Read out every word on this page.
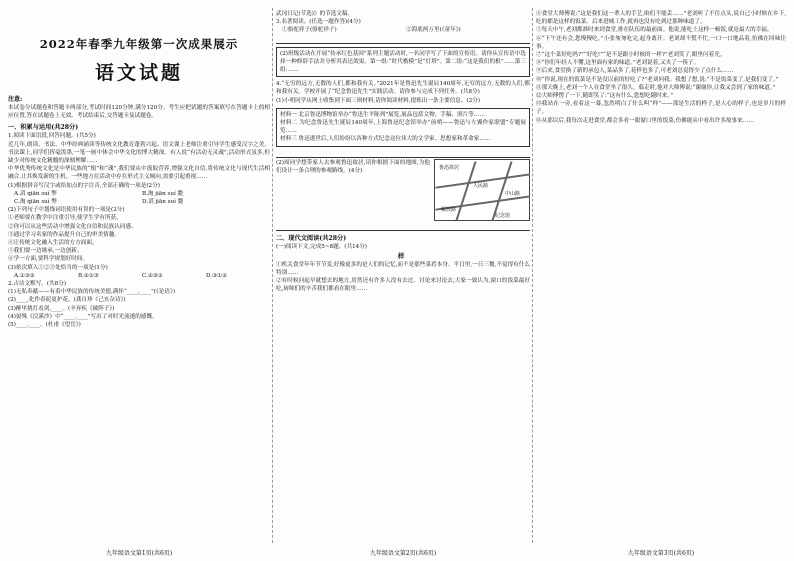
2022年春季九年级第一次成果展示
语文试题
注意:
本试卷分试题卷和答题卡两部分,考试时间120分钟,满分120分。考生应把试题的答案填写在答题卡上的相应位置,答在试题卷上无效。考试结束后,交答题卡及试题卷。
一、积累与运用(共28分)
1.阅读下面语段,回答问题。(共5分)
近几年,朗读、书法、中华经典诵读等传统文化教育蓬勃兴起。语文课上老师注重引导学生感受汉字之美。书法课上,同学们挥毫泼墨,一笔一画中体会中华文化的博大精深。有人说“有活动无灵魂”,活动形式虽多,但缺少对传统文化精髓的深刻理解……
中华优秀传统文化是中华民族的“根”和“魂”,我们要从中汲取营养,增强文化自信,将传统文化与现代生活相融合,让其焕发新的生机。一些地方在活动中存在形式主义倾向,需要引起重视……
(1)根据拼音写汉字或给加点的字注音,全部正确的一项是(2分)
A.滔 qiān suí 弊	B.淘 jiān suí 斃
C.淘 qiān suì 弊	D.滔 jiān suì 斃
(2)下列句子中划线词语使用有误的一项是(2分)
①老师要在教学中注重引导,使学生学有所获。
②你可以从这些活动中增强文化自信和民族认同感。
③通过学习名家的作品提升自己的审美情趣。
④让传统文化融入生活的方方面面。
⑤我们要一边继承,一边创新。
⑥学一方面,要科学规划好时间。
(3)依次填入①②③处恰当的一项是(1分)
A.①③②	B.②①③	C.②③①	D.③①②
2.古诗文默写。(共8分)
(1)无私奉献——有着中华民族的传统美德,满怀“____,____”(《论语》)
(2)____,化作春泥更护花。(龚自珍《己亥杂诗》)
(3)醉里挑灯看剑,____。(辛弃疾《破阵子》)
(4)晏殊《浣溪沙》中“____,____”写出了对时光流逝的感慨。
(5)____,____。(杜甫《望岳》)
武冈日记(节选)》的节选文稿。
3.名著阅读。(任选一题作答)(4分)
①骆驼祥子(骆驼祥子)	②海底两万里(《童年》)
(2)班级活动在开展“传承红色基因”系列主题活动时,一名同学写了下面的宣传语。请你从宣传语中选择一种修辞手法并分析其表达效果。第一组:“时代楷模”是“灯塔”。第二组:“这是我们的根”……第三组:……
4.“无穷的远方,无数的人们,都和我有关。”2021年是鲁迅先生诞辰140周年,无穷的远方,无数的人们,都和我有关。学校开展了“纪念鲁迅先生”实践活动。请你参与完成下列任务。(共8分)
(1)小明同学从网上收集到下面三则材料,请你阅读材料,提炼出一条主要信息。(2分)
材料一 北京鲁迅博物馆举办“鲁迅生平陈列”展览,展品包括文物、手稿、照片等……
材料二 为纪念鲁迅先生诞辰140周年,上海鲁迅纪念馆举办“前哨——鲁迅与左翼作家联盟”专题展览……
材料三 鲁迅逝世后,人们纷纷以各种方式纪念这位伟大的文学家、思想家和革命家……
鲁迅故居
人民路
解放路
中山路
纪念馆
(2)周同学想带家人去参观鲁迅故居,请你根据下面的地图,为他们设计一条合理的参观路线。(4分)
二、现代文阅读(共28分)
(一)阅读下文,完成5~8题。(共14分)
样
①机关食堂年年节节变,好像更多的是人们的记忆,而不是那些菜肴本身。平日里,一日三餐,不觉得有什么特别……
②有时候问起早就想去的地方,居然还有许多人没有去过。讨论来讨论去,大家一致认为,窗口的饭菜最好吃,厨师们的辛苦我们都看在眼里……
④食堂大师傅说:“这是我们这一辈人的手艺,咱们不能丢……”老刘听了不住点头,说自己小时候在乡下,吃的都是这样的饭菜。后来进城工作,就再也没有吃到过那种味道了。
⑤每天中午,老刘都准时来到食堂,排在队伍的最前面。他说,能吃上这样一顿饭,就是最大的幸福。
⑥“下午还有会,您慢慢吃。”小张匆匆吃完,起身离开。老刘却不慌不忙,一口一口地品着,仿佛在回味往事。
⑦“这个菜好吃吗?”“好吃!”“是不是跟小时候的一样?”老刘笑了,眼里闪着光。
⑧“你们年轻人不懂,这里面有家的味道。”老刘说着,又夹了一筷子。
⑨后来,食堂换了新的承包人,菜品多了,花样也多了,可老刘总觉得少了点什么……
⑩“你说,现在的饭菜是不是没以前的好吃了?”老刘问我。我想了想,说:“不是饭菜变了,是我们变了。”
⑪那天晚上,老刘一个人在食堂坐了很久。临走时,他对大师傅说:“谢谢你,让我又尝到了家的味道。”
⑫大师傅愣了一下,随即笑了:“这有什么,您想吃随时来。”
⑬我站在一旁,看着这一幕,忽然明白了什么叫“样”——那是生活的样子,是人心的样子,也是岁月的样子。
⑭从那以后,我每次走进食堂,都会多看一眼窗口里的饭菜,仿佛能从中看出许多故事来……
九年级语文第1页(共6页)	九年级语文第2页(共6页)	九年级语文第3页(共6页)
